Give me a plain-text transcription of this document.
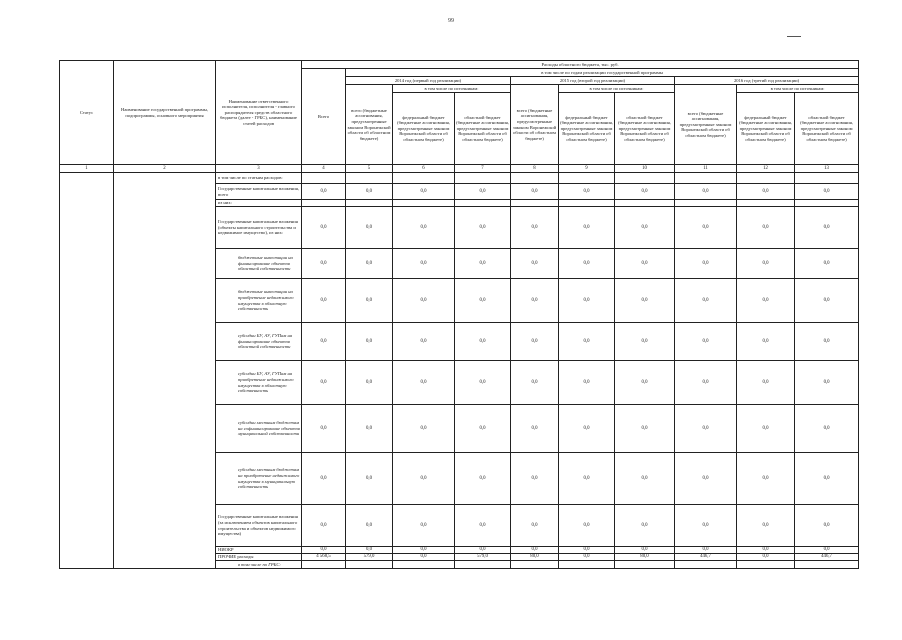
99
Статус	Наименование государственной программы, подпрограммы, основного мероприятия	Наименование ответственного исполнителя, исполнителя - главного распорядителя средств областного бюджета (далее - ГРБС), наименование статей расходов	Расходы областного бюджета, тыс. руб.									
			Всего	в том числе по годам реализации государственной программы								
				2014 год (первый год реализации)			2015 год (второй год реализации)			2016 год (третий год реализации)		
				всего (бюджетные ассигнования, предусмотренные законом Воронежской области об областном бюджете)	в том числе по источникам:		всего (бюджетные ассигнования, предусмотренные законом Воронежской области об областном бюджете)	в том числе по источникам:		всего (бюджетные ассигнования, предусмотренные законом Воронежской области об областном бюджете)	в том числе по источникам:	
					федеральный бюджет (бюджетные ассигнования, предусмотренные законом Воронежской области об областном бюджете)	областной бюджет (бюджетные ассигнования, предусмотренные законом Воронежской области об областном бюджете)		федеральный бюджет (бюджетные ассигнования, предусмотренные законом Воронежской области об областном бюджете)	областной бюджет (бюджетные ассигнования, предусмотренные законом Воронежской области об областном бюджете)		федеральный бюджет (бюджетные ассигнования, предусмотренные законом Воронежской области об областном бюджете)	областной бюджет (бюджетные ассигнования, предусмотренные законом Воронежской области об областном бюджете)
1	2	3	4	5	6	7	8	9	10	11	12	13
		в том числе по статьям расходов:										
		Государственные капитальные вложения, всего	0,0	0,0	0,0	0,0	0,0	0,0	0,0	0,0	0,0	0,0
		из них:										
		Государственные капитальные вложения (объекты капитального строительства и недвижимое имущество), из них:	0,0	0,0	0,0	0,0	0,0	0,0	0,0	0,0	0,0	0,0
		бюджетные инвестиции на финансирование объектов областной собственности	0,0	0,0	0,0	0,0	0,0	0,0	0,0	0,0	0,0	0,0
		бюджетные инвестиции на приобретение недвижимого имущества в областную собственность	0,0	0,0	0,0	0,0	0,0	0,0	0,0	0,0	0,0	0,0
		субсидии БУ, АУ, ГУПам на финансирование объектов областной собственности	0,0	0,0	0,0	0,0	0,0	0,0	0,0	0,0	0,0	0,0
		субсидии БУ, АУ, ГУПам на приобретение недвижимого имущества в областную собственность	0,0	0,0	0,0	0,0	0,0	0,0	0,0	0,0	0,0	0,0
		субсидии местным бюджетам на софинансирование объектов муниципальной собственности	0,0	0,0	0,0	0,0	0,0	0,0	0,0	0,0	0,0	0,0
		субсидии местным бюджетам на приобретение недвижимого имущества в муниципальную собственность	0,0	0,0	0,0	0,0	0,0	0,0	0,0	0,0	0,0	0,0
		Государственные капитальные вложения (за исключением объектов капитального строительства и объектов недвижимого имущества)	0,0	0,0	0,0	0,0	0,0	0,0	0,0	0,0	0,0	0,0
		НИОКР	0,0	0,0	0,0	0,0	0,0	0,0	0,0	0,0	0,0	0,0
		ПРОЧИЕ расходы	4 568,5	579,0	0,0	579,0	80,0	0,0	80,0	446,7	0,0	446,7
		в том числе по ГРБС:										
